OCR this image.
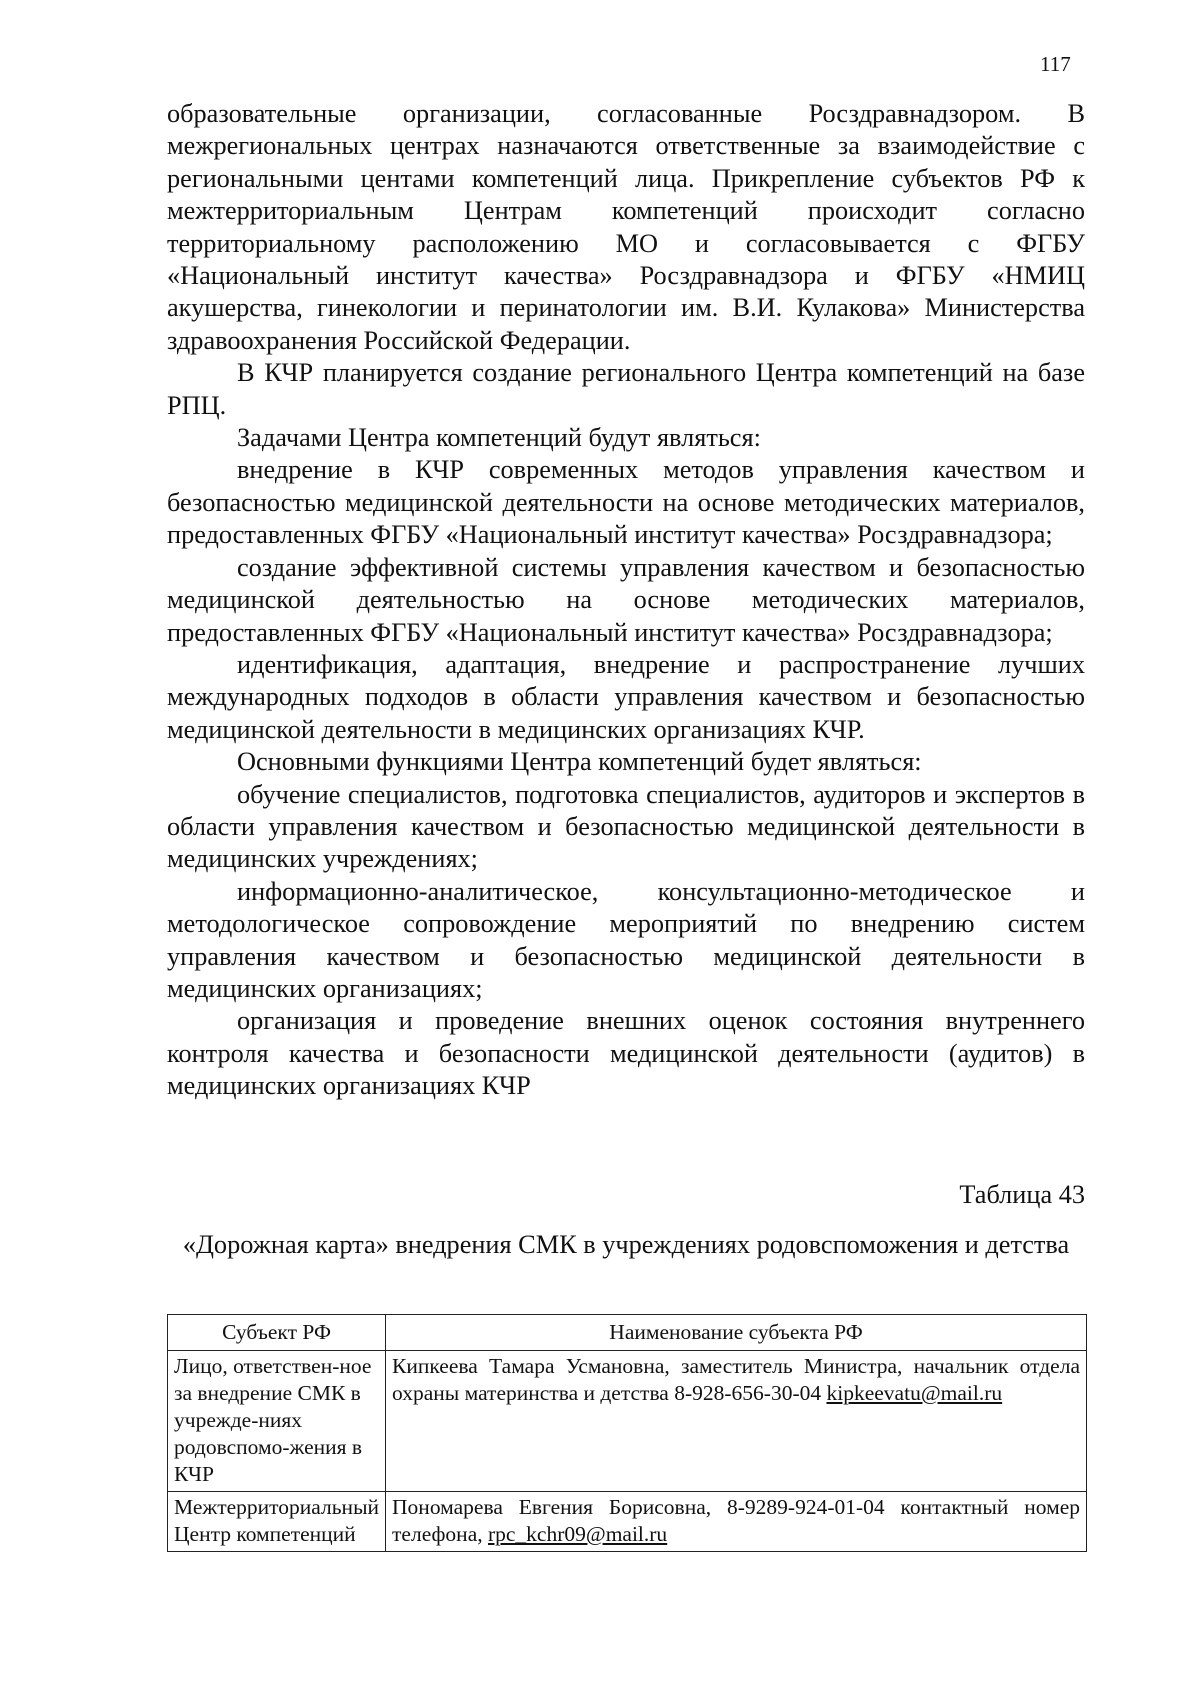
117

образовательные организации, согласованные Росздравнадзором. В межрегиональных центрах назначаются ответственные за взаимодействие с региональными центами компетенций лица. Прикрепление субъектов РФ к межтерриториальным Центрам компетенций происходит согласно территориальному расположению МО и согласовывается с ФГБУ «Национальный институт качества» Росздравнадзора и ФГБУ «НМИЦ акушерства, гинекологии и перинатологии им. В.И. Кулакова» Министерства здравоохранения Российской Федерации.

В КЧР планируется создание регионального Центра компетенций на базе РПЦ.

Задачами Центра компетенций будут являться:

внедрение в КЧР современных методов управления качеством и безопасностью медицинской деятельности на основе методических материалов, предоставленных ФГБУ «Национальный институт качества» Росздравнадзора;

создание эффективной системы управления качеством и безопасностью медицинской деятельностью на основе методических материалов, предоставленных ФГБУ «Национальный институт качества» Росздравнадзора;

идентификация, адаптация, внедрение и распространение лучших международных подходов в области управления качеством и безопасностью медицинской деятельности в медицинских организациях КЧР.

Основными функциями Центра компетенций будет являться:

обучение специалистов, подготовка специалистов, аудиторов и экспертов в области управления качеством и безопасностью медицинской деятельности в медицинских учреждениях;

информационно-аналитическое, консультационно-методическое и методологическое сопровождение мероприятий по внедрению систем управления качеством и безопасностью медицинской деятельности в медицинских организациях;

организация и проведение внешних оценок состояния внутреннего контроля качества и безопасности медицинской деятельности (аудитов) в медицинских организациях КЧР

Таблица 43
«Дорожная карта» внедрения СМК в учреждениях родовспоможения и детства
Субъект РФ	Наименование субъекта РФ
Лицо, ответствен-ное за внедрение СМК в учрежде-ниях родовспомо-жения в КЧР	Кипкеева Тамара Усмановна, заместитель Министра, начальник отдела охраны материнства и детства 8-928-656-30-04 kipkeevatu@mail.ru
Межтерриториальный Центр компетенций	Пономарева Евгения Борисовна, 8-9289-924-01-04 контактный номер телефона, rpc_kchr09@mail.ru
